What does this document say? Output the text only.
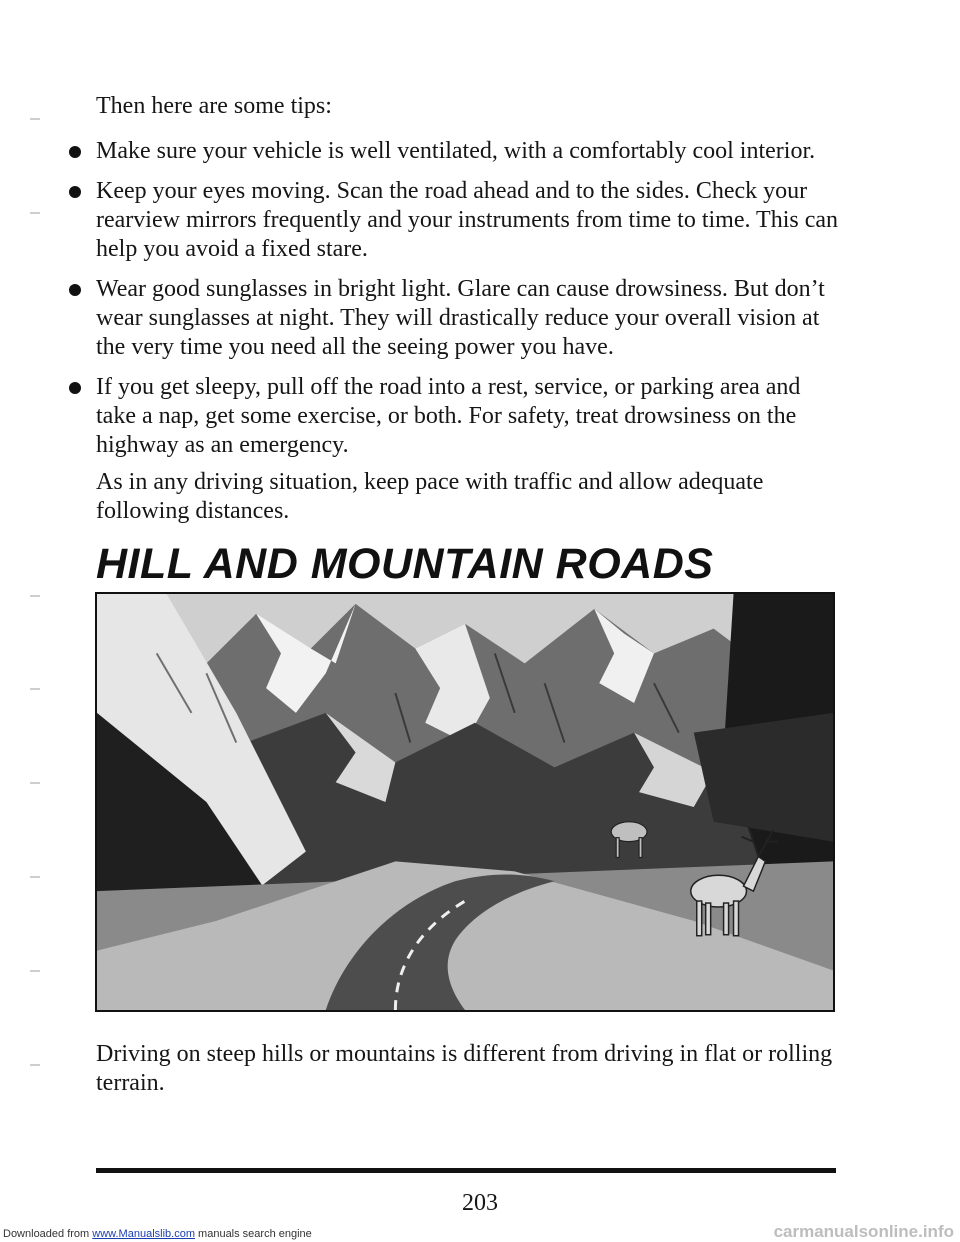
Then here are some tips:

Make sure your vehicle is well ventilated, with a comfortably cool interior.
Keep your eyes moving. Scan the road ahead and to the sides. Check your rearview mirrors frequently and your instruments from time to time. This can help you avoid a fixed stare.
Wear good sunglasses in bright light. Glare can cause drowsiness. But don’t wear sunglasses at night. They will drastically reduce your overall vision at the very time you need all the seeing power you have.
If you get sleepy, pull off the road into a rest, service, or parking area and take a nap, get some exercise, or both. For safety, treat drowsiness on the highway as an emergency.

As in any driving situation, keep pace with traffic and allow adequate following distances.

HILL AND MOUNTAIN ROADS

Driving on steep hills or mountains is different from driving in flat or rolling terrain.

203
Downloaded from www.Manualslib.com manuals search engine	carmanualsonline.info
